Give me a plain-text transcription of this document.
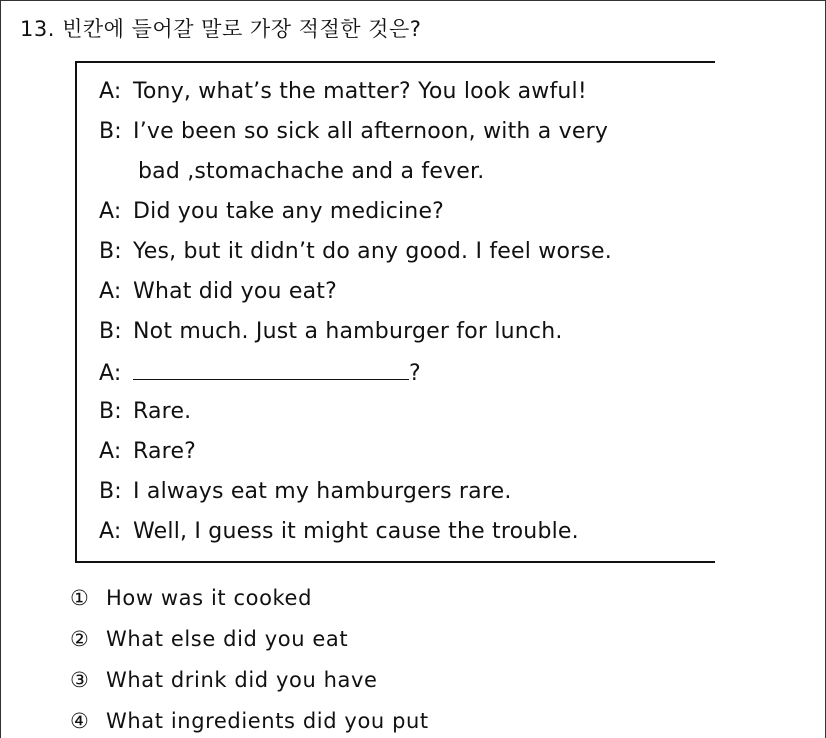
13. 빈칸에 들어갈 말로 가장 적절한 것은?
A: Tony, what’s the matter? You look awful!
B: I’ve been so sick all afternoon, with a very
bad ,stomachache and a fever.
A: Did you take any medicine?
B: Yes, but it didn’t do any good. I feel worse.
A: What did you eat?
B: Not much. Just a hamburger for lunch.
A:	?
B: Rare.
A: Rare?
B: I always eat my hamburgers rare.
A: Well, I guess it might cause the trouble.
① How was it cooked
② What else did you eat
③ What drink did you have
④ What ingredients did you put
